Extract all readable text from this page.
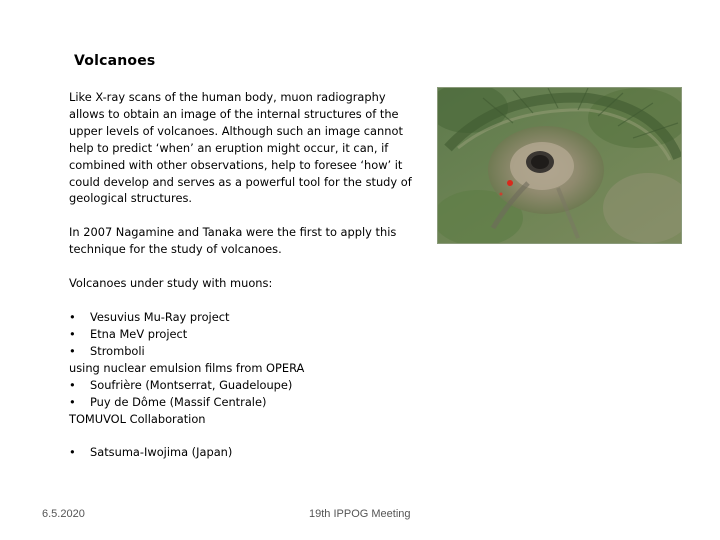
Volcanoes

Like X-ray scans of the human body, muon radiography allows to obtain an image of the internal structures of the upper levels of volcanoes. Although such an image cannot help to predict ‘when’ an eruption might occur, it can, if combined with other observations, help to foresee ‘how’ it could develop and serves as a powerful tool for the study of geological structures.

In 2007 Nagamine and Tanaka were the first to apply this technique for the study of volcanoes.

Volcanoes under study with muons:

• Vesuvius Mu-Ray project
• Etna MeV project
• Stromboli
using nuclear emulsion films from OPERA
• Soufrière (Montserrat, Guadeloupe)
• Puy de Dôme (Massif Centrale)
TOMUVOL Collaboration
• Satsuma-Iwojima (Japan)
6.5.2020	19th IPPOG Meeting
